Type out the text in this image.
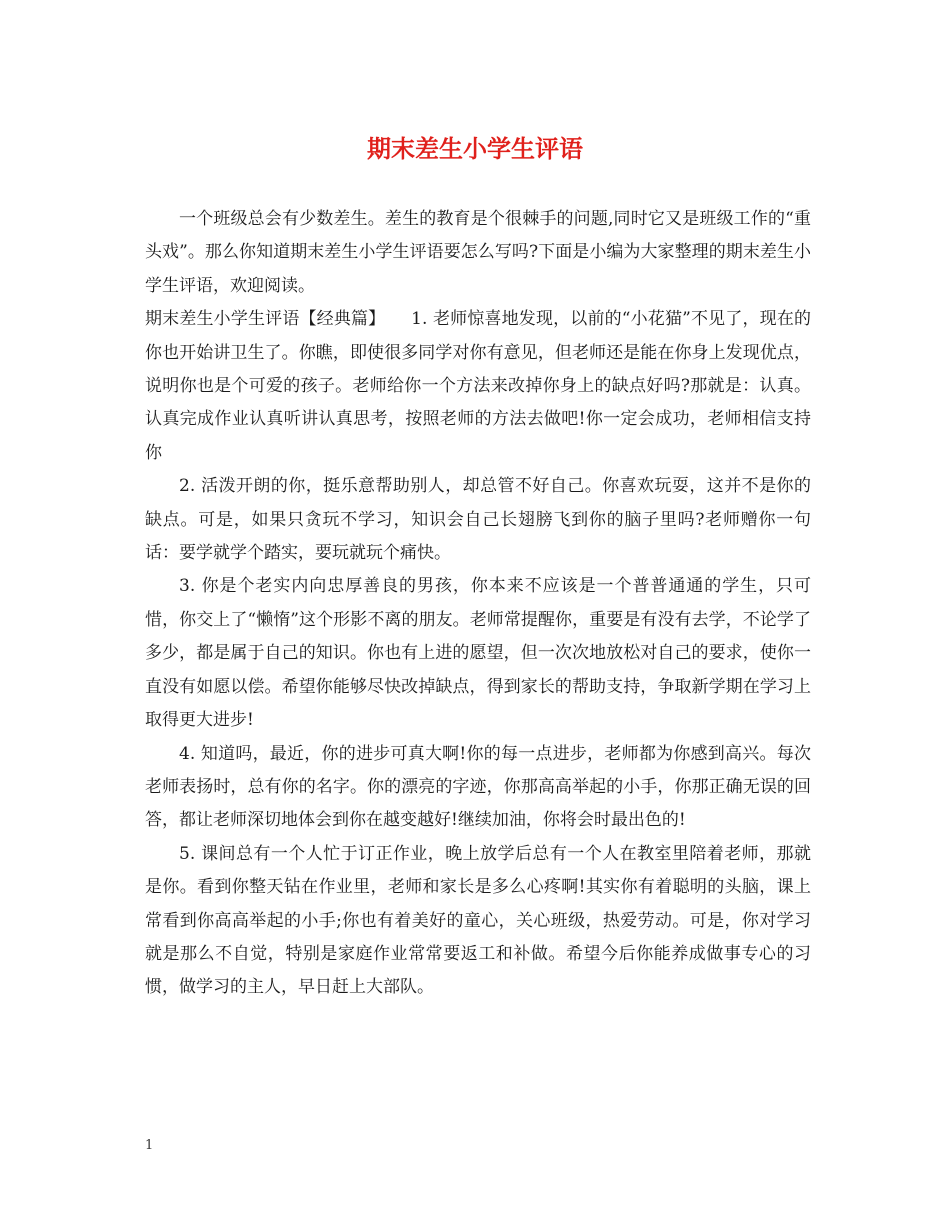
期末差生小学生评语

一个班级总会有少数差生。差生的教育是个很棘手的问题,同时它又是班级工作的“重头戏”。那么你知道期末差生小学生评语要怎么写吗?下面是小编为大家整理的期末差生小学生评语，欢迎阅读。

期末差生小学生评语【经典篇】　　1. 老师惊喜地发现，以前的“小花猫”不见了，现在的你也开始讲卫生了。你瞧，即使很多同学对你有意见，但老师还是能在你身上发现优点，说明你也是个可爱的孩子。老师给你一个方法来改掉你身上的缺点好吗?那就是：认真。认真完成作业认真听讲认真思考，按照老师的方法去做吧!你一定会成功，老师相信支持你

2. 活泼开朗的你，挺乐意帮助别人，却总管不好自己。你喜欢玩耍，这并不是你的缺点。可是，如果只贪玩不学习，知识会自己长翅膀飞到你的脑子里吗?老师赠你一句话：要学就学个踏实，要玩就玩个痛快。

3. 你是个老实内向忠厚善良的男孩，你本来不应该是一个普普通通的学生，只可惜，你交上了“懒惰”这个形影不离的朋友。老师常提醒你，重要是有没有去学，不论学了多少，都是属于自己的知识。你也有上进的愿望，但一次次地放松对自己的要求，使你一直没有如愿以偿。希望你能够尽快改掉缺点，得到家长的帮助支持，争取新学期在学习上取得更大进步!

4. 知道吗，最近，你的进步可真大啊!你的每一点进步，老师都为你感到高兴。每次老师表扬时，总有你的名字。你的漂亮的字迹，你那高高举起的小手，你那正确无误的回答，都让老师深切地体会到你在越变越好!继续加油，你将会时最出色的!

5. 课间总有一个人忙于订正作业，晚上放学后总有一个人在教室里陪着老师，那就是你。看到你整天钻在作业里，老师和家长是多么心疼啊!其实你有着聪明的头脑，课上常看到你高高举起的小手;你也有着美好的童心，关心班级，热爱劳动。可是，你对学习就是那么不自觉，特别是家庭作业常常要返工和补做。希望今后你能养成做事专心的习惯，做学习的主人，早日赶上大部队。

1
